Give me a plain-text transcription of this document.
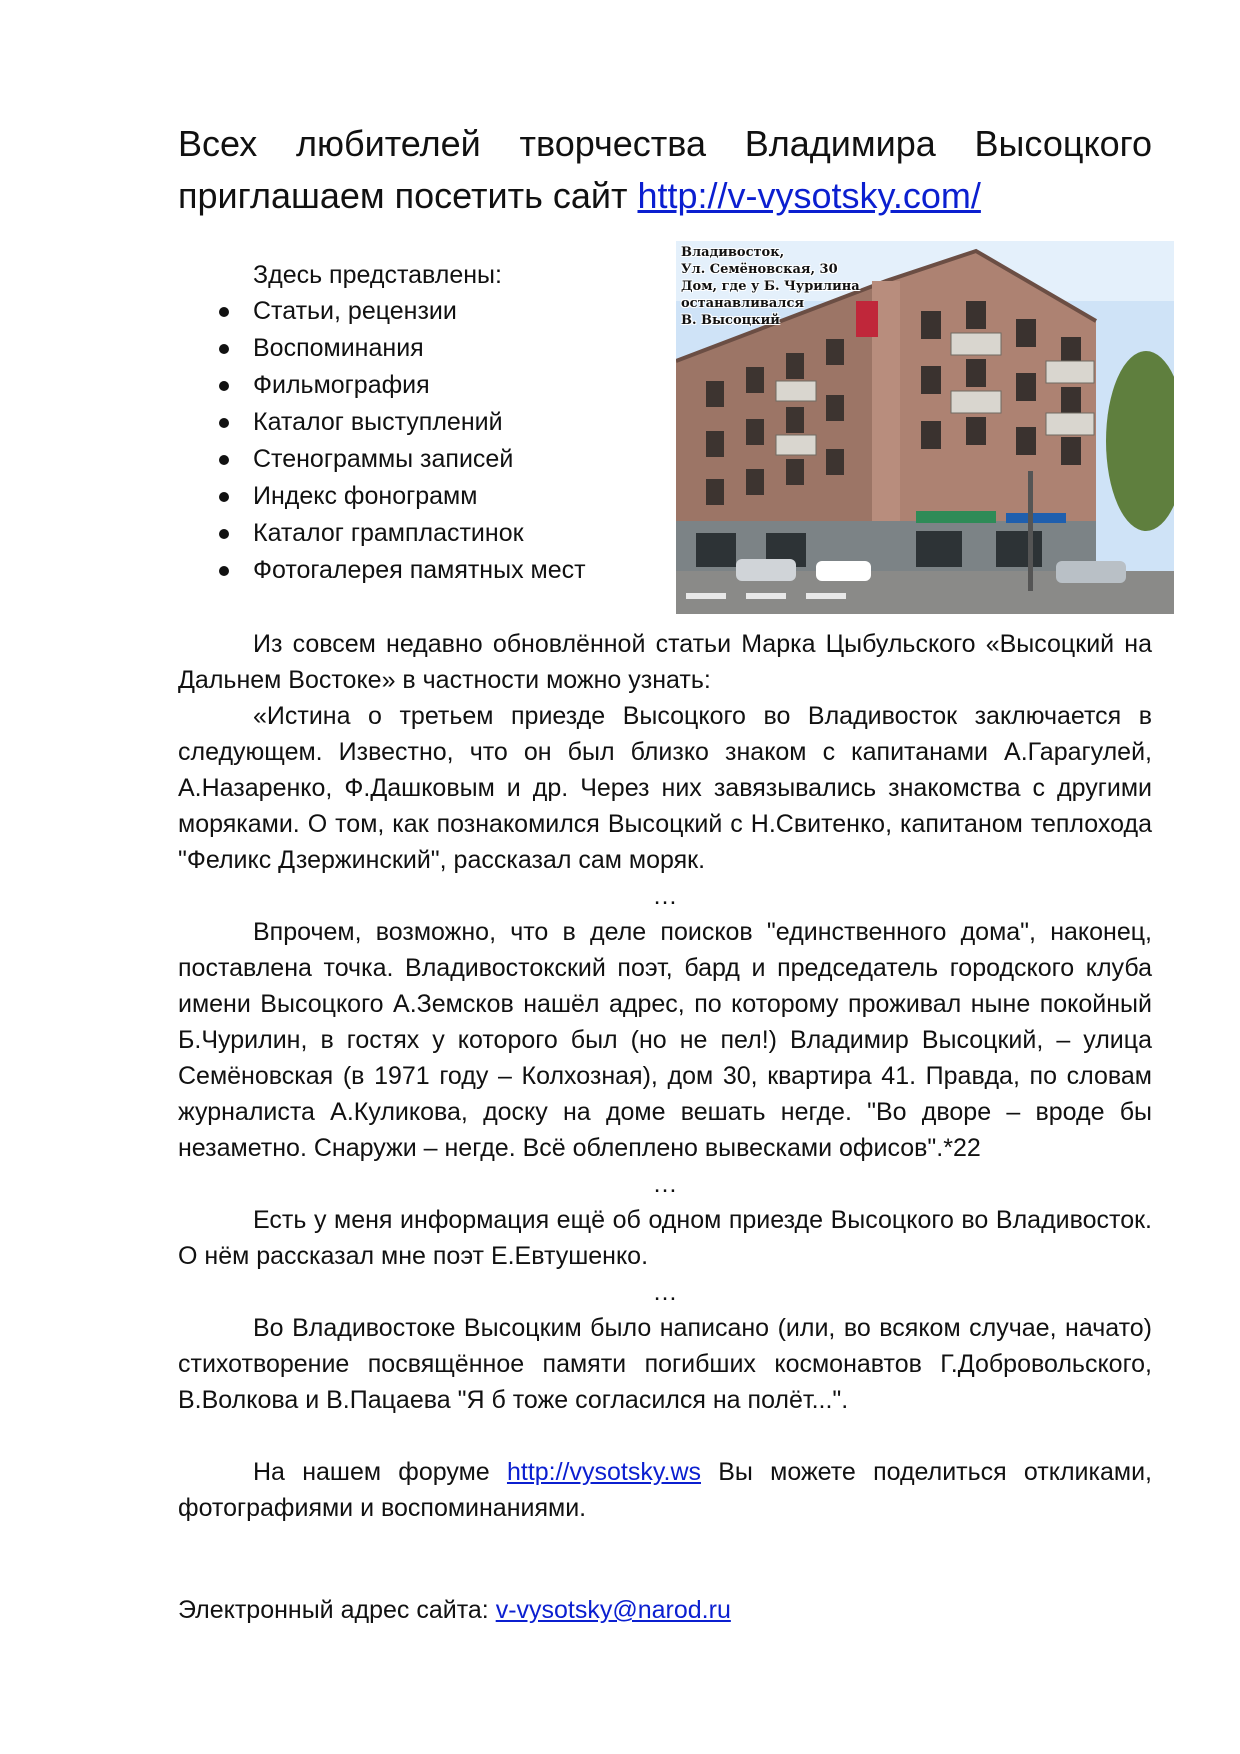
Всех любителей творчества Владимира Высоцкого
приглашаем посетить сайт http://v-vysotsky.com/
Здесь представлены:
Статьи, рецензии
Воспоминания
Фильмография
Каталог выступлений
Стенограммы записей
Индекс фонограмм
Каталог грампластинок
Фотогалерея памятных мест
Владивосток,
Ул. Семёновская, 30
Дом, где у Б. Чурилина
останавливался
В. Высоцкий

Из совсем недавно обновлённой статьи Марка Цыбульского «Высоцкий на Дальнем Востоке» в частности можно узнать:

«Истина о третьем приезде Высоцкого во Владивосток заключается в следующем. Известно, что он был близко знаком с капитанами А.Гарагулей, А.Назаренко, Ф.Дашковым и др. Через них завязывались знакомства с другими моряками. О том, как познакомился Высоцкий с Н.Свитенко, капитаном теплохода "Феликс Дзержинский", рассказал сам моряк.

…

Впрочем, возможно, что в деле поисков "единственного дома", наконец, поставлена точка. Владивостокский поэт, бард и председатель городского клуба имени Высоцкого А.Земсков нашёл адрес, по которому проживал ныне покойный Б.Чурилин, в гостях у которого был (но не пел!) Владимир Высоцкий, – улица Семёновская (в 1971 году – Колхозная), дом 30, квартира 41. Правда, по словам журналиста А.Куликова, доску на доме вешать негде. "Во дворе – вроде бы незаметно. Снаружи – негде. Всё облеплено вывесками офисов".*22

…

Есть у меня информация ещё об одном приезде Высоцкого во Владивосток. О нём рассказал мне поэт Е.Евтушенко.

…

Во Владивостоке Высоцким было написано (или, во всяком случае, начато) стихотворение посвящённое памяти погибших космонавтов Г.Добровольского, В.Волкова и В.Пацаева "Я б тоже согласился на полёт...".

На нашем форуме http://vysotsky.ws Вы можете поделиться откликами, фотографиями и воспоминаниями.

Электронный адрес сайта: v-vysotsky@narod.ru
